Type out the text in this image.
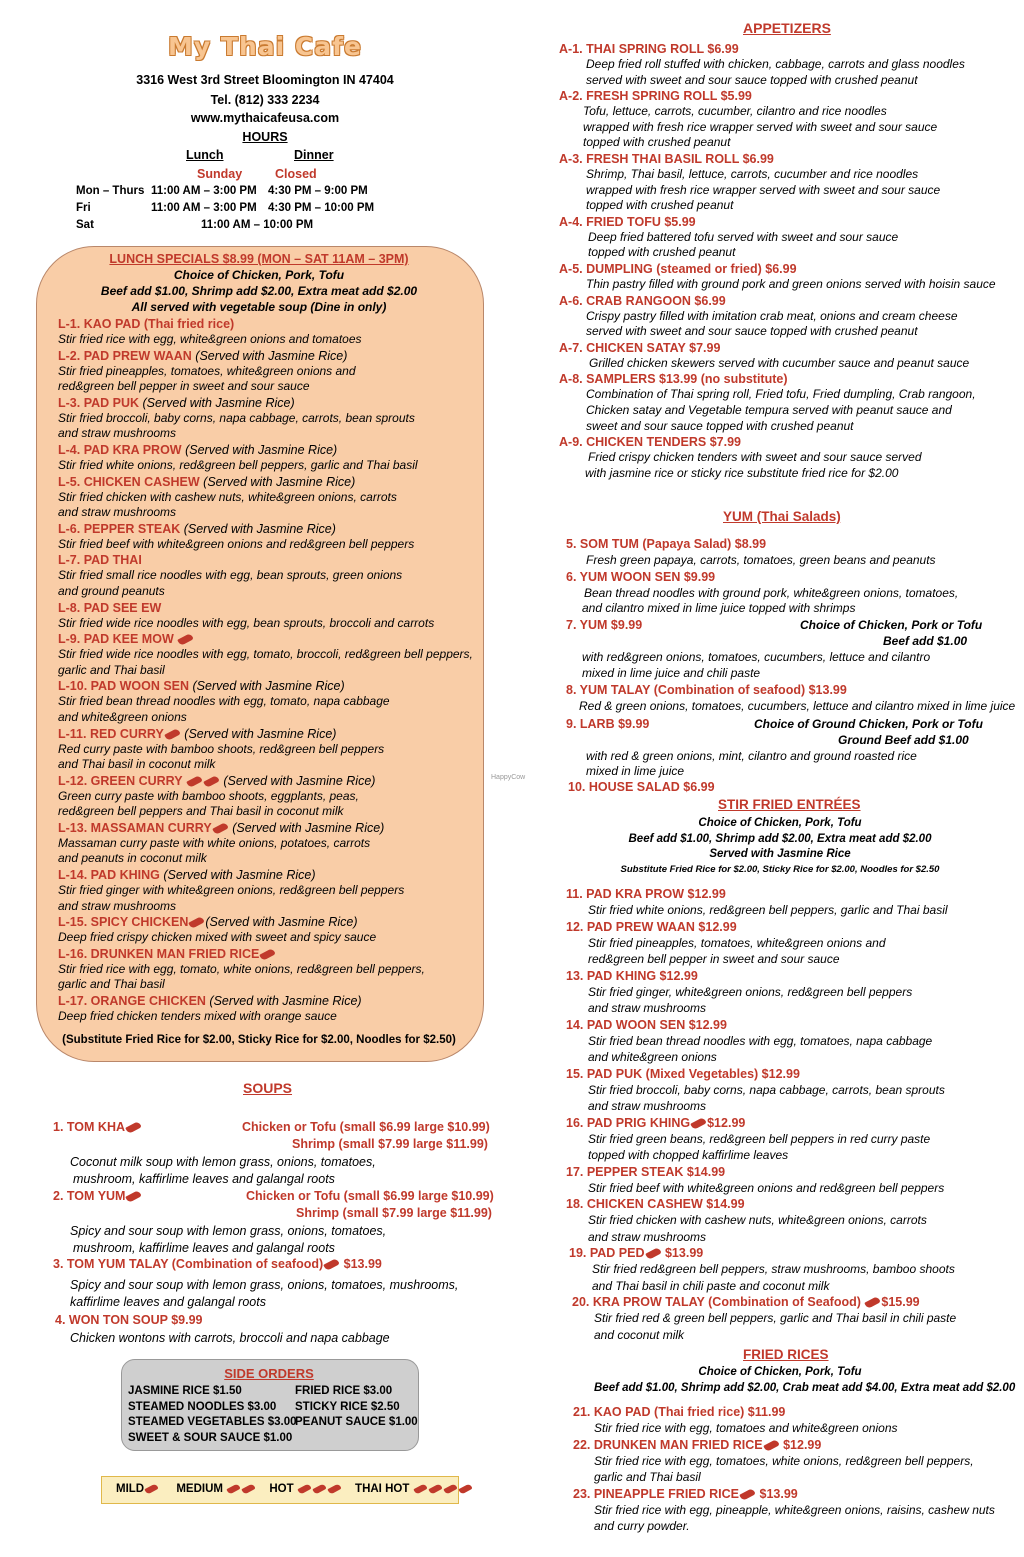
My Thai Cafe
3316 West 3rd Street Bloomington IN 47404
Tel. (812) 333 2234
www.mythaicafeusa.com
HOURS
Lunch	Dinner
Sunday	Closed
Mon – Thurs 11:00 AM – 3:00 PM 4:30 PM – 9:00 PM
Fri	11:00 AM – 3:00 PM 4:30 PM – 10:00 PM
Sat	11:00 AM – 10:00 PM
LUNCH SPECIALS $8.99 (MON – SAT 11AM – 3PM)
Choice of Chicken, Pork, Tofu
Beef add $1.00, Shrimp add $2.00, Extra meat add $2.00
All served with vegetable soup (Dine in only)
L-1. KAO PAD (Thai fried rice)
Stir fried rice with egg, white&green onions and tomatoes
L-2. PAD PREW WAAN (Served with Jasmine Rice)
Stir fried pineapples, tomatoes, white&green onions and
red&green bell pepper in sweet and sour sauce
L-3. PAD PUK (Served with Jasmine Rice)
Stir fried broccoli, baby corns, napa cabbage, carrots, bean sprouts
and straw mushrooms
L-4. PAD KRA PROW (Served with Jasmine Rice)
Stir fried white onions, red&green bell peppers, garlic and Thai basil
L-5. CHICKEN CASHEW (Served with Jasmine Rice)
Stir fried chicken with cashew nuts, white&green onions, carrots
and straw mushrooms
L-6. PEPPER STEAK (Served with Jasmine Rice)
Stir fried beef with white&green onions and red&green bell peppers
L-7. PAD THAI
Stir fried small rice noodles with egg, bean sprouts, green onions
and ground peanuts
L-8. PAD SEE EW
Stir fried wide rice noodles with egg, bean sprouts, broccoli and carrots
L-9. PAD KEE MOW
Stir fried wide rice noodles with egg, tomato, broccoli, red&green bell peppers,
garlic and Thai basil
L-10. PAD WOON SEN (Served with Jasmine Rice)
Stir fried bean thread noodles with egg, tomato, napa cabbage
and white&green onions
L-11. RED CURRY (Served with Jasmine Rice)
Red curry paste with bamboo shoots, red&green bell peppers
and Thai basil in coconut milk
L-12. GREEN CURRY	(Served with Jasmine Rice)
Green curry paste with bamboo shoots, eggplants, peas,
red&green bell peppers and Thai basil in coconut milk
L-13. MASSAMAN CURRY (Served with Jasmine Rice)
Massaman curry paste with white onions, potatoes, carrots
and peanuts in coconut milk
L-14. PAD KHING (Served with Jasmine Rice)
Stir fried ginger with white&green onions, red&green bell peppers
and straw mushrooms
L-15. SPICY CHICKEN (Served with Jasmine Rice)
Deep fried crispy chicken mixed with sweet and spicy sauce
L-16. DRUNKEN MAN FRIED RICE
Stir fried rice with egg, tomato, white onions, red&green bell peppers,
garlic and Thai basil
L-17. ORANGE CHICKEN (Served with Jasmine Rice)
Deep fried chicken tenders mixed with orange sauce
(Substitute Fried Rice for $2.00, Sticky Rice for $2.00, Noodles for $2.50)
SOUPS
1. TOM KHA	Chicken or Tofu (small $6.99 large $10.99)
Shrimp (small $7.99 large $11.99)
Coconut milk soup with lemon grass, onions, tomatoes,
mushroom, kaffirlime leaves and galangal roots
2. TOM YUM	Chicken or Tofu (small $6.99 large $10.99)
Shrimp (small $7.99 large $11.99)
Spicy and sour soup with lemon grass, onions, tomatoes,
mushroom, kaffirlime leaves and galangal roots
3. TOM YUM TALAY (Combination of seafood) $13.99
Spicy and sour soup with lemon grass, onions, tomatoes, mushrooms,
kaffirlime leaves and galangal roots
4. WON TON SOUP $9.99
Chicken wontons with carrots, broccoli and napa cabbage
SIDE ORDERS
JASMINE RICE $1.50
STEAMED NOODLES $3.00
STEAMED VEGETABLES $3.00
SWEET & SOUR SAUCE $1.00
FRIED RICE $3.00
STICKY RICE $2.50
PEANUT SAUCE $1.00
MILD	MEDIUM	HOT	THAI HOT
HappyCow
APPETIZERS
A-1. THAI SPRING ROLL $6.99
Deep fried roll stuffed with chicken, cabbage, carrots and glass noodles
served with sweet and sour sauce topped with crushed peanut
A-2. FRESH SPRING ROLL $5.99
Tofu, lettuce, carrots, cucumber, cilantro and rice noodles
wrapped with fresh rice wrapper served with sweet and sour sauce
topped with crushed peanut
A-3. FRESH THAI BASIL ROLL $6.99
Shrimp, Thai basil, lettuce, carrots, cucumber and rice noodles
wrapped with fresh rice wrapper served with sweet and sour sauce
topped with crushed peanut
A-4. FRIED TOFU $5.99
Deep fried battered tofu served with sweet and sour sauce
topped with crushed peanut
A-5. DUMPLING (steamed or fried) $6.99
Thin pastry filled with ground pork and green onions served with hoisin sauce
A-6. CRAB RANGOON $6.99
Crispy pastry filled with imitation crab meat, onions and cream cheese
served with sweet and sour sauce topped with crushed peanut
A-7. CHICKEN SATAY $7.99
Grilled chicken skewers served with cucumber sauce and peanut sauce
A-8. SAMPLERS $13.99 (no substitute)
Combination of Thai spring roll, Fried tofu, Fried dumpling, Crab rangoon,
Chicken satay and Vegetable tempura served with peanut sauce and
sweet and sour sauce topped with crushed peanut
A-9. CHICKEN TENDERS $7.99
Fried crispy chicken tenders with sweet and sour sauce served
with jasmine rice or sticky rice substitute fried rice for $2.00
YUM (Thai Salads)
5. SOM TUM (Papaya Salad) $8.99
Fresh green papaya, carrots, tomatoes, green beans and peanuts
6. YUM WOON SEN $9.99
Bean thread noodles with ground pork, white&green onions, tomatoes,
and cilantro mixed in lime juice topped with shrimps
7. YUM $9.99	Choice of Chicken, Pork or Tofu
Beef add $1.00
with red&green onions, tomatoes, cucumbers, lettuce and cilantro
mixed in lime juice and chili paste
8. YUM TALAY (Combination of seafood) $13.99
Red & green onions, tomatoes, cucumbers, lettuce and cilantro mixed in lime juice
9. LARB $9.99	Choice of Ground Chicken, Pork or Tofu
Ground Beef add $1.00
with red & green onions, mint, cilantro and ground roasted rice
mixed in lime juice
10. HOUSE SALAD $6.99
STIR FRIED ENTRÉES
Choice of Chicken, Pork, Tofu
Beef add $1.00, Shrimp add $2.00, Extra meat add $2.00
Served with Jasmine Rice
Substitute Fried Rice for $2.00, Sticky Rice for $2.00, Noodles for $2.50
11. PAD KRA PROW $12.99
Stir fried white onions, red&green bell peppers, garlic and Thai basil
12. PAD PREW WAAN $12.99
Stir fried pineapples, tomatoes, white&green onions and
red&green bell pepper in sweet and sour sauce
13. PAD KHING $12.99
Stir fried ginger, white&green onions, red&green bell peppers
and straw mushrooms
14. PAD WOON SEN $12.99
Stir fried bean thread noodles with egg, tomatoes, napa cabbage
and white&green onions
15. PAD PUK (Mixed Vegetables) $12.99
Stir fried broccoli, baby corns, napa cabbage, carrots, bean sprouts
and straw mushrooms
16. PAD PRIG KHING $12.99
Stir fried green beans, red&green bell peppers in red curry paste
topped with chopped kaffirlime leaves
17. PEPPER STEAK $14.99
Stir fried beef with white&green onions and red&green bell peppers
18. CHICKEN CASHEW $14.99
Stir fried chicken with cashew nuts, white&green onions, carrots
and straw mushrooms
19. PAD PED $13.99
Stir fried red&green bell peppers, straw mushrooms, bamboo shoots
and Thai basil in chili paste and coconut milk
20. KRA PROW TALAY (Combination of Seafood) $15.99
Stir fried red & green bell peppers, garlic and Thai basil in chili paste
and coconut milk
FRIED RICES
Choice of Chicken, Pork, Tofu
Beef add $1.00, Shrimp add $2.00, Crab meat add $4.00, Extra meat add $2.00
21. KAO PAD (Thai fried rice) $11.99
Stir fried rice with egg, tomatoes and white&green onions
22. DRUNKEN MAN FRIED RICE $12.99
Stir fried rice with egg, tomatoes, white onions, red&green bell peppers,
garlic and Thai basil
23. PINEAPPLE FRIED RICE $13.99
Stir fried rice with egg, pineapple, white&green onions, raisins, cashew nuts
and curry powder.
